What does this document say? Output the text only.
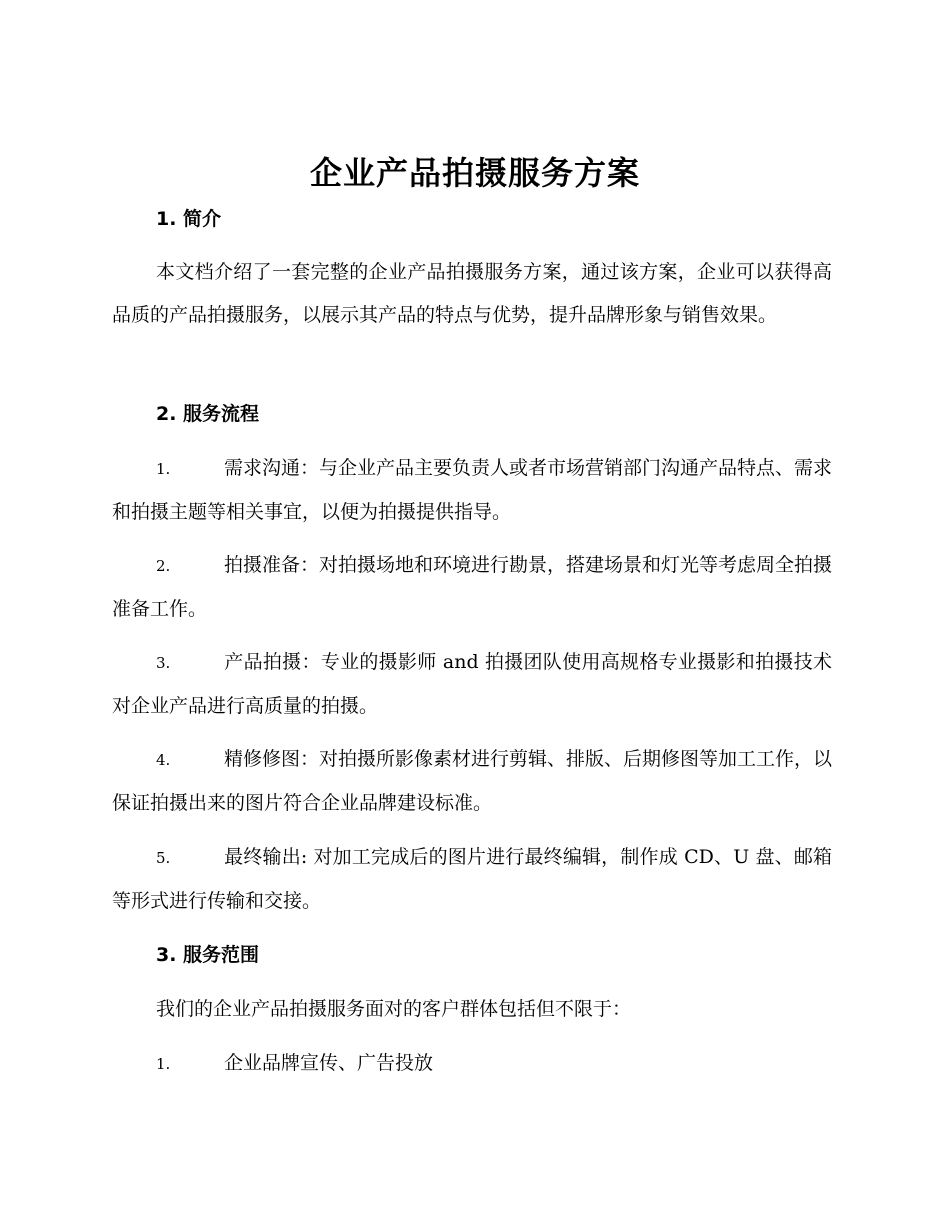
企业产品拍摄服务方案
1. 简介

本文档介绍了一套完整的企业产品拍摄服务方案，通过该方案，企业可以获得高品质的产品拍摄服务，以展示其产品的特点与优势，提升品牌形象与销售效果。

2. 服务流程

1.	需求沟通：与企业产品主要负责人或者市场营销部门沟通产品特点、需求和拍摄主题等相关事宜，以便为拍摄提供指导。

2.	拍摄准备：对拍摄场地和环境进行勘景，搭建场景和灯光等考虑周全拍摄准备工作。

3.	产品拍摄：专业的摄影师 and 拍摄团队使用高规格专业摄影和拍摄技术对企业产品进行高质量的拍摄。

4.	精修修图：对拍摄所影像素材进行剪辑、排版、后期修图等加工工作，以保证拍摄出来的图片符合企业品牌建设标准。

5.	最终输出: 对加工完成后的图片进行最终编辑，制作成 CD、U 盘、邮箱等形式进行传输和交接。

3. 服务范围

我们的企业产品拍摄服务面对的客户群体包括但不限于：

1.	企业品牌宣传、广告投放
